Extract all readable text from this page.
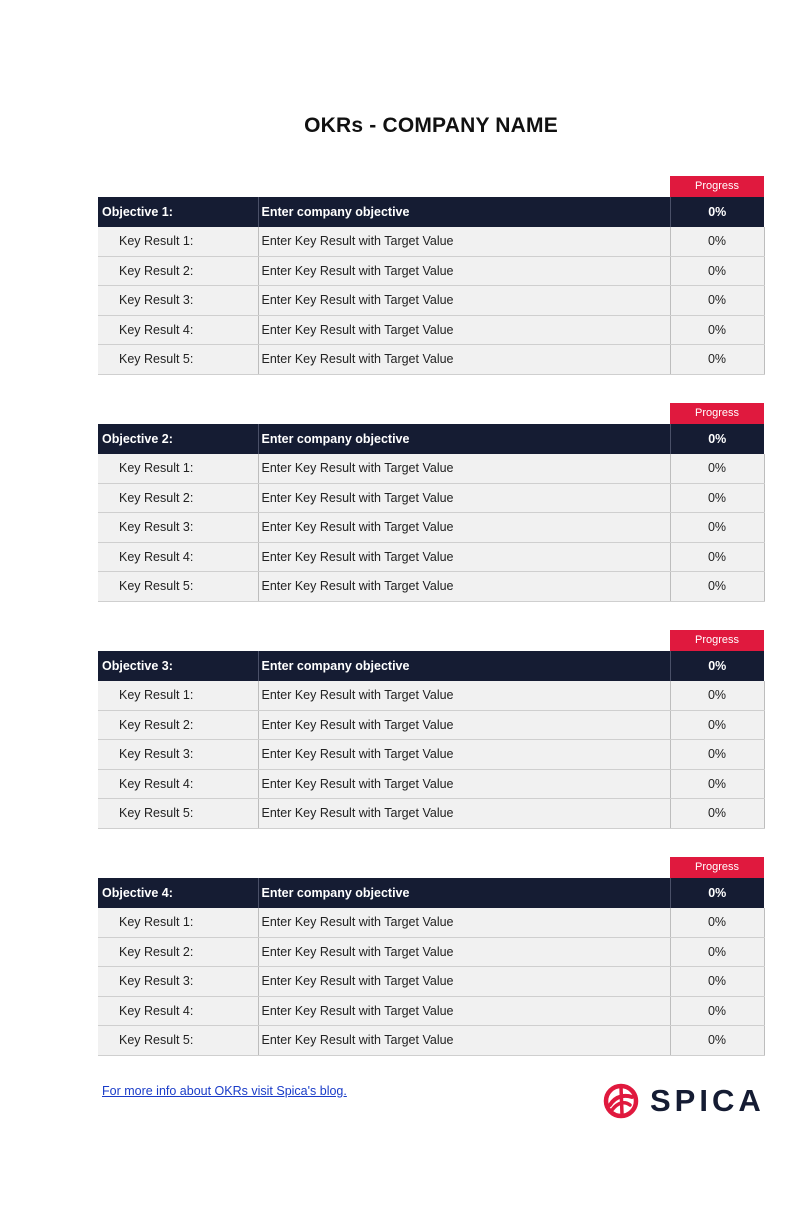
OKRs - COMPANY NAME
Progress
Objective 1:	Enter company objective	0%
Key Result 1:	Enter Key Result with Target Value	0%
Key Result 2:	Enter Key Result with Target Value	0%
Key Result 3:	Enter Key Result with Target Value	0%
Key Result 4:	Enter Key Result with Target Value	0%
Key Result 5:	Enter Key Result with Target Value	0%
Progress
Objective 2:	Enter company objective	0%
Key Result 1:	Enter Key Result with Target Value	0%
Key Result 2:	Enter Key Result with Target Value	0%
Key Result 3:	Enter Key Result with Target Value	0%
Key Result 4:	Enter Key Result with Target Value	0%
Key Result 5:	Enter Key Result with Target Value	0%
Progress
Objective 3:	Enter company objective	0%
Key Result 1:	Enter Key Result with Target Value	0%
Key Result 2:	Enter Key Result with Target Value	0%
Key Result 3:	Enter Key Result with Target Value	0%
Key Result 4:	Enter Key Result with Target Value	0%
Key Result 5:	Enter Key Result with Target Value	0%
Progress
Objective 4:	Enter company objective	0%
Key Result 1:	Enter Key Result with Target Value	0%
Key Result 2:	Enter Key Result with Target Value	0%
Key Result 3:	Enter Key Result with Target Value	0%
Key Result 4:	Enter Key Result with Target Value	0%
Key Result 5:	Enter Key Result with Target Value	0%
For more info about OKRs visit Spica's blog.	SPICA
